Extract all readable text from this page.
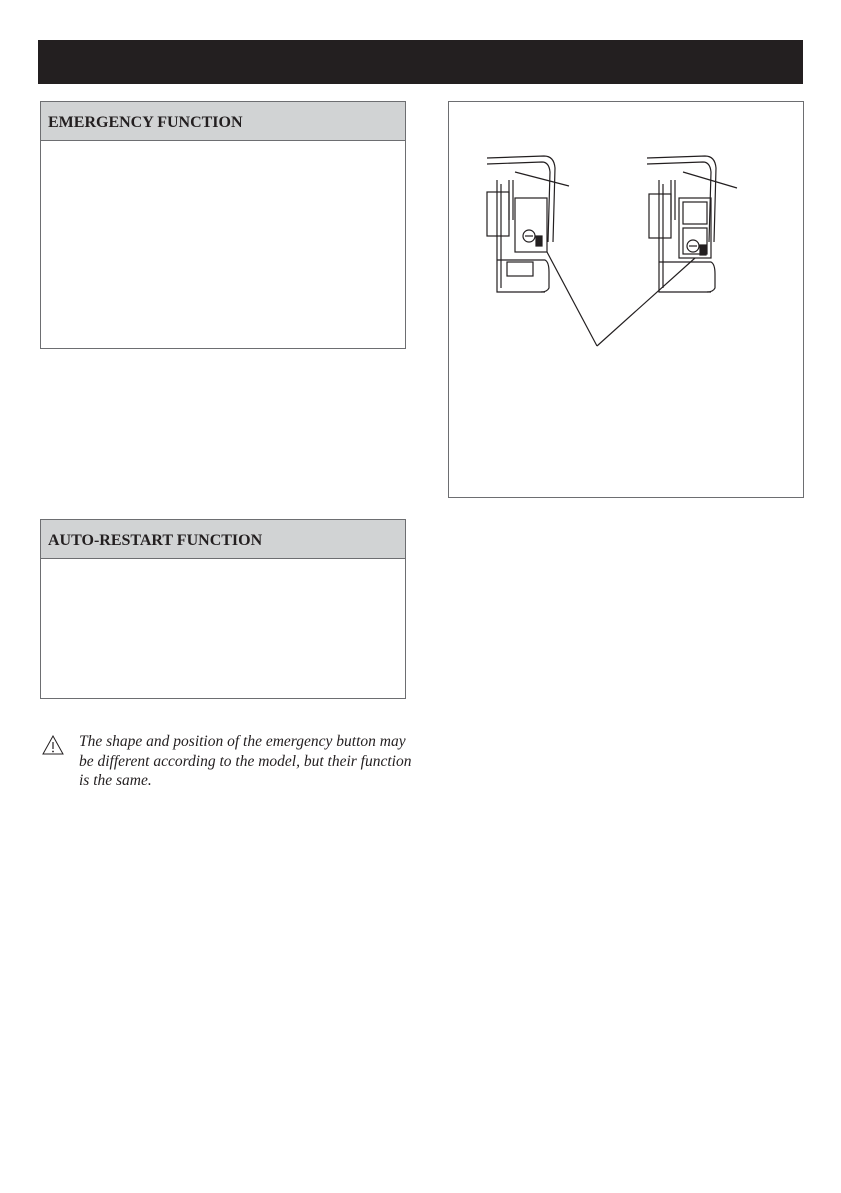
EMERGENCY FUNCTION
AUTO-RESTART FUNCTION

The shape and position of the emergency button may be different according to the model, but their function is the same.
